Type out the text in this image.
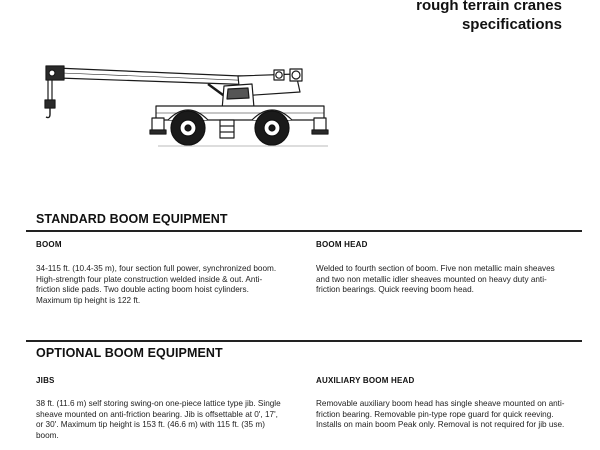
rough terrain cranes
specifications
STANDARD BOOM EQUIPMENT
BOOM

34-115 ft. (10.4-35 m), four section full power, synchronized boom. High-strength four plate construction welded inside & out. Anti-friction slide pads. Two double acting boom hoist cylinders. Maximum tip height is 122 ft.

BOOM HEAD

Welded to fourth section of boom. Five non metallic main sheaves and two non metallic idler sheaves mounted on heavy duty anti-friction bearings. Quick reeving boom head.

OPTIONAL BOOM EQUIPMENT
JIBS

38 ft. (11.6 m) self storing swing-on one-piece lattice type jib. Single sheave mounted on anti-friction bearing. Jib is offsettable at 0', 17', or 30'. Maximum tip height is 153 ft. (46.6 m) with 115 ft. (35 m) boom.

AUXILIARY BOOM HEAD

Removable auxiliary boom head has single sheave mounted on anti-friction bearing. Removable pin-type rope guard for quick reeving. Installs on main boom Peak only. Removal is not required for jib use.
